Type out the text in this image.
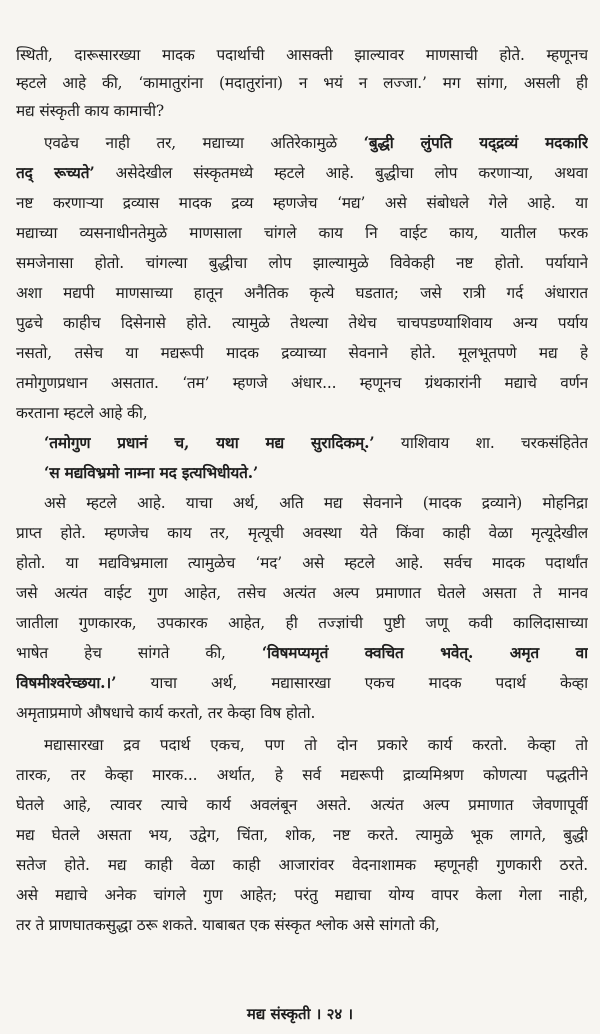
स्थिती, दारूसारख्या मादक पदार्थाची आसक्ती झाल्यावर माणसाची होते. म्हणूनच
म्हटले आहे की, ‘कामातुरांना (मदातुरांना) न भयं न लज्जा.’ मग सांगा, असली ही
मद्य संस्कृती काय कामाची?
एवढेच नाही तर, मद्याच्या अतिरेकामुळे ‘बुद्धी लुंपति यद्द्रव्यं मदकारि
तद् रूच्यते’ असेदेखील संस्कृतमध्ये म्हटले आहे. बुद्धीचा लोप करणाऱ्या, अथवा
नष्ट करणाऱ्या द्रव्यास मादक द्रव्य म्हणजेच ‘मद्य’ असे संबोधले गेले आहे. या
मद्याच्या व्यसनाधीनतेमुळे माणसाला चांगले काय नि वाईट काय, यातील फरक
समजेनासा होतो. चांगल्या बुद्धीचा लोप झाल्यामुळे विवेकही नष्ट होतो. पर्यायाने
अशा मद्यपी माणसाच्या हातून अनैतिक कृत्ये घडतात; जसे रात्री गर्द अंधारात
पुढचे काहीच दिसेनासे होते. त्यामुळे तेथल्या तेथेच चाचपडण्याशिवाय अन्य पर्याय
नसतो, तसेच या मद्यरूपी मादक द्रव्याच्या सेवनाने होते. मूलभूतपणे मद्य हे
तमोगुणप्रधान असतात. ‘तम’ म्हणजे अंधार... म्हणूनच ग्रंथकारांनी मद्याचे वर्णन
करताना म्हटले आहे की,
‘तमोगुण प्रधानं च, यथा मद्य सुरादिकम्.’ याशिवाय शा. चरकसंहितेत
‘स मद्यविभ्रमो नाम्ना मद इत्यभिधीयते.’
असे म्हटले आहे. याचा अर्थ, अति मद्य सेवनाने (मादक द्रव्याने) मोहनिद्रा
प्राप्त होते. म्हणजेच काय तर, मृत्यूची अवस्था येते किंवा काही वेळा मृत्यूदेखील
होतो. या मद्यविभ्रमाला त्यामुळेच ‘मद’ असे म्हटले आहे. सर्वच मादक पदार्थांत
जसे अत्यंत वाईट गुण आहेत, तसेच अत्यंत अल्प प्रमाणात घेतले असता ते मानव
जातीला गुणकारक, उपकारक आहेत, ही तज्ज्ञांची पुष्टी जणू कवी कालिदासाच्या
भाषेत हेच सांगते की, ‘विषमप्यमृतं क्वचित भवेत्. अमृत वा
विषमीश्वरेच्छया.।’ याचा अर्थ, मद्यासारखा एकच मादक पदार्थ केव्हा
अमृताप्रमाणे औषधाचे कार्य करतो, तर केव्हा विष होतो.
मद्यासारखा द्रव पदार्थ एकच, पण तो दोन प्रकारे कार्य करतो. केव्हा तो
तारक, तर केव्हा मारक... अर्थात, हे सर्व मद्यरूपी द्राव्यमिश्रण कोणत्या पद्धतीने
घेतले आहे, त्यावर त्याचे कार्य अवलंबून असते. अत्यंत अल्प प्रमाणात जेवणापूर्वी
मद्य घेतले असता भय, उद्वेग, चिंता, शोक, नष्ट करते. त्यामुळे भूक लागते, बुद्धी
सतेज होते. मद्य काही वेळा काही आजारांवर वेदनाशामक म्हणूनही गुणकारी ठरते.
असे मद्याचे अनेक चांगले गुण आहेत; परंतु मद्याचा योग्य वापर केला गेला नाही,
तर ते प्राणघातकसुद्धा ठरू शकते. याबाबत एक संस्कृत श्लोक असे सांगतो की,
मद्य संस्कृती । २४ ।
